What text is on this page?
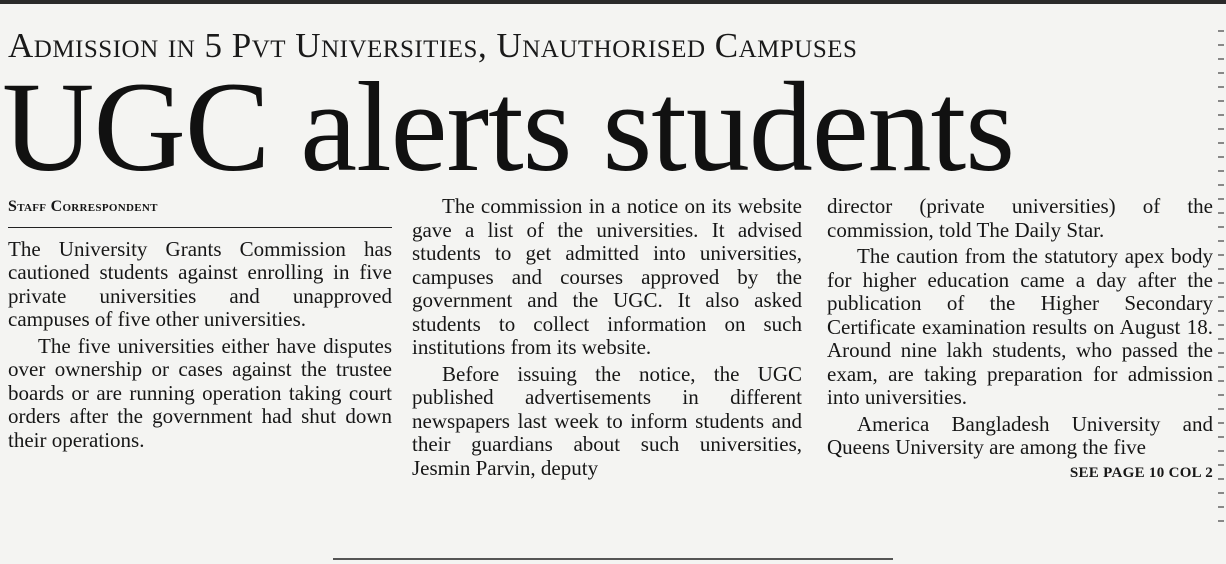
Admission in 5 Pvt Universities, Unauthorised Campuses
UGC alerts students
Staff Correspondent

The University Grants Commission has cautioned students against enrolling in five private universities and unapproved campuses of five other universities.

The five universities either have disputes over ownership or cases against the trustee boards or are running operation taking court orders after the government had shut down their operations.

The commission in a notice on its website gave a list of the universities. It advised students to get admitted into universities, campuses and courses approved by the government and the UGC. It also asked students to collect information on such institutions from its website.

Before issuing the notice, the UGC published advertisements in different newspapers last week to inform students and their guardians about such universities, Jesmin Parvin, deputy

director (private universities) of the commission, told The Daily Star.

The caution from the statutory apex body for higher education came a day after the publication of the Higher Secondary Certificate examination results on August 18. Around nine lakh students, who passed the exam, are taking preparation for admission into universities.

America Bangladesh University and Queens University are among the five

SEE PAGE 10 COL 2
